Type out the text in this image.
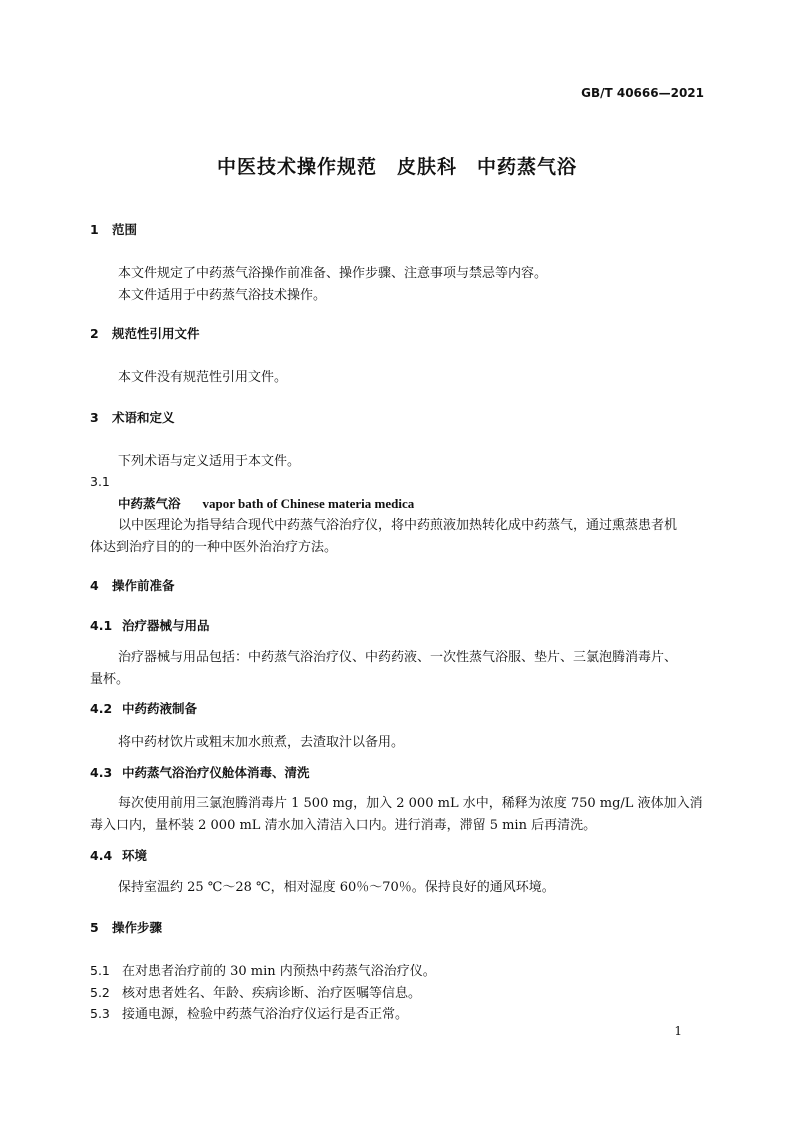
GB/T 40666—2021
中医技术操作规范　皮肤科　中药蒸气浴
1 范围
本文件规定了中药蒸气浴操作前准备、操作步骤、注意事项与禁忌等内容。
本文件适用于中药蒸气浴技术操作。
2 规范性引用文件
本文件没有规范性引用文件。
3 术语和定义
下列术语与定义适用于本文件。
3.1
中药蒸气浴 vapor bath of Chinese materia medica
以中医理论为指导结合现代中药蒸气浴治疗仪，将中药煎液加热转化成中药蒸气，通过熏蒸患者机
体达到治疗目的的一种中医外治治疗方法。
4 操作前准备
4.1 治疗器械与用品
治疗器械与用品包括：中药蒸气浴治疗仪、中药药液、一次性蒸气浴服、垫片、三氯泡腾消毒片、
量杯。
4.2 中药药液制备
将中药材饮片或粗末加水煎煮，去渣取汁以备用。
4.3 中药蒸气浴治疗仪舱体消毒、清洗
每次使用前用三氯泡腾消毒片 1 500 mg，加入 2 000 mL 水中，稀释为浓度 750 mg/L 液体加入消
毒入口内，量杯装 2 000 mL 清水加入清洁入口内。进行消毒，滞留 5 min 后再清洗。
4.4 环境
保持室温约 25 ℃～28 ℃，相对湿度 60％～70％。保持良好的通风环境。
5 操作步骤
5.1 在对患者治疗前的 30 min 内预热中药蒸气浴治疗仪。
5.2 核对患者姓名、年龄、疾病诊断、治疗医嘱等信息。
5.3 接通电源，检验中药蒸气浴治疗仪运行是否正常。
1
